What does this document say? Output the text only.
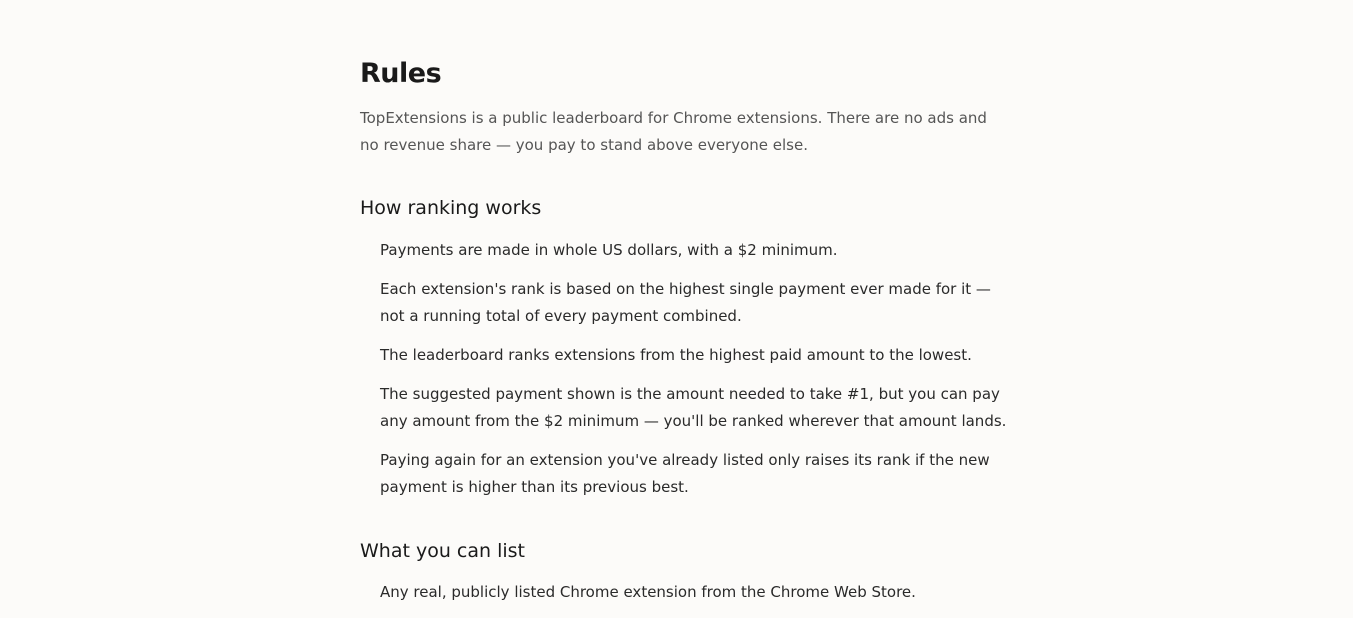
Rules

TopExtensions is a public leaderboard for Chrome extensions. There are no ads and no revenue share — you pay to stand above everyone else.

How ranking works
Payments are made in whole US dollars, with a $2 minimum.
Each extension's rank is based on the highest single payment ever made for it — not a running total of every payment combined.
The leaderboard ranks extensions from the highest paid amount to the lowest.
The suggested payment shown is the amount needed to take #1, but you can pay any amount from the $2 minimum — you'll be ranked wherever that amount lands.
Paying again for an extension you've already listed only raises its rank if the new payment is higher than its previous best.
What you can list
Any real, publicly listed Chrome extension from the Chrome Web Store.
